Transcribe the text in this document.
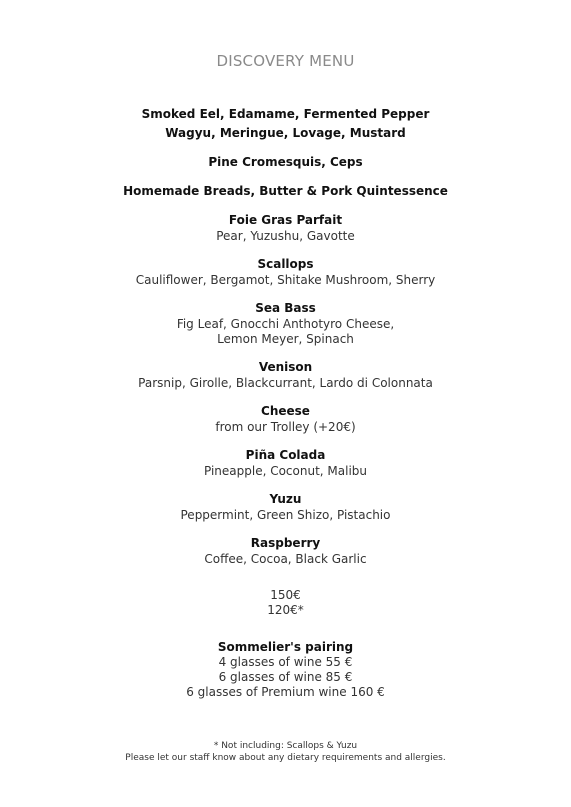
DISCOVERY MENU
Smoked Eel, Edamame, Fermented Pepper
Wagyu, Meringue, Lovage, Mustard
Pine Cromesquis, Ceps
Homemade Breads, Butter & Pork Quintessence
Foie Gras Parfait
Pear, Yuzushu, Gavotte
Scallops
Cauliflower, Bergamot, Shitake Mushroom, Sherry
Sea Bass
Fig Leaf, Gnocchi Anthotyro Cheese,
Lemon Meyer, Spinach
Venison
Parsnip, Girolle, Blackcurrant, Lardo di Colonnata
Cheese
from our Trolley (+20€)
Piña Colada
Pineapple, Coconut, Malibu
Yuzu
Peppermint, Green Shizo, Pistachio
Raspberry
Coffee, Cocoa, Black Garlic
150€
120€*
Sommelier's pairing
4 glasses of wine 55 €
6 glasses of wine 85 €
6 glasses of Premium wine 160 €
* Not including: Scallops & Yuzu
Please let our staff know about any dietary requirements and allergies.
